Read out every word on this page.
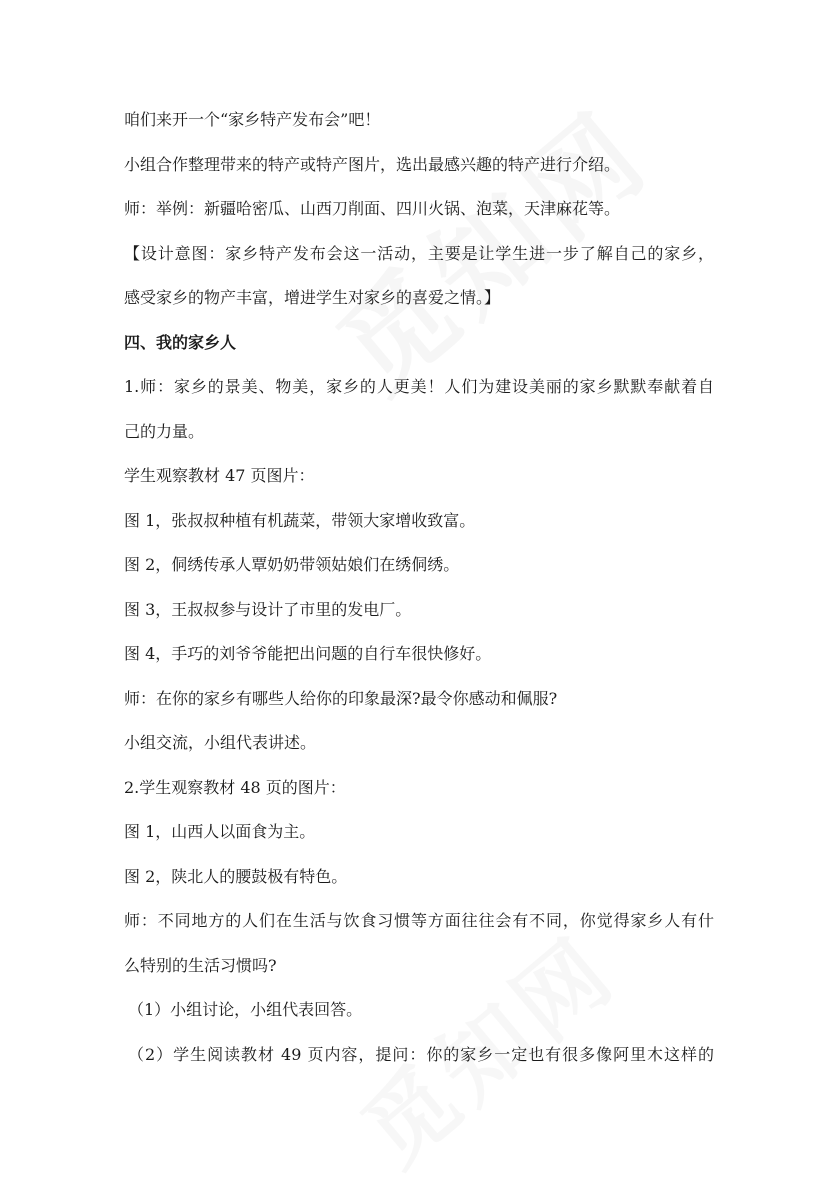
咱们来开一个“家乡特产发布会”吧！
小组合作整理带来的特产或特产图片，选出最感兴趣的特产进行介绍。
师：举例：新疆哈密瓜、山西刀削面、四川火锅、泡菜，天津麻花等。
【设计意图：家乡特产发布会这一活动，主要是让学生进一步了解自己的家乡，
感受家乡的物产丰富，增进学生对家乡的喜爱之情。】
四、我的家乡人
1.师：家乡的景美、物美，家乡的人更美！人们为建设美丽的家乡默默奉献着自
己的力量。
学生观察教材 47 页图片：
图 1，张叔叔种植有机蔬菜，带领大家增收致富。
图 2，侗绣传承人覃奶奶带领姑娘们在绣侗绣。
图 3，王叔叔参与设计了市里的发电厂。
图 4，手巧的刘爷爷能把出问题的自行车很快修好。
师：在你的家乡有哪些人给你的印象最深?最令你感动和佩服?
小组交流，小组代表讲述。
2.学生观察教材 48 页的图片：
图 1，山西人以面食为主。
图 2，陕北人的腰鼓极有特色。
师：不同地方的人们在生活与饮食习惯等方面往往会有不同，你觉得家乡人有什
么特别的生活习惯吗?
（1）小组讨论，小组代表回答。
（2）学生阅读教材 49 页内容，提问：你的家乡一定也有很多像阿里木这样的
